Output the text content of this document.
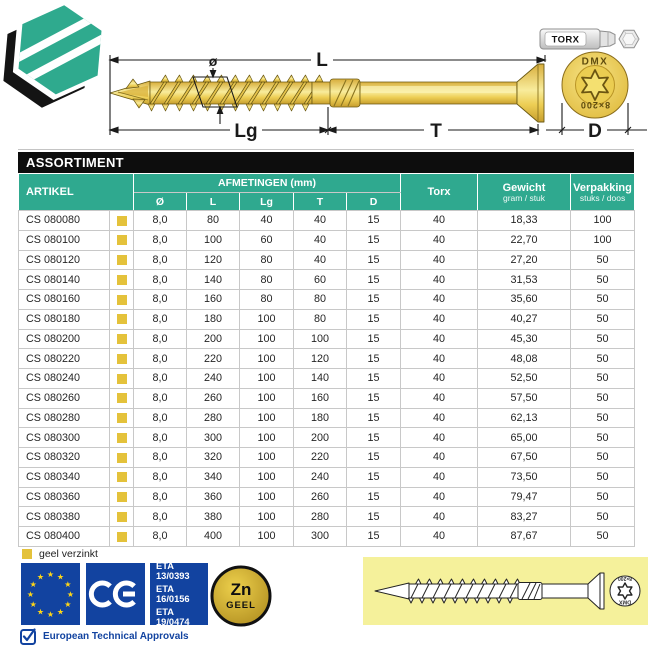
L
Lg	T
ø
D
DMX
8×200
TORX
ASSORTIMENT
ARTIKEL		AFMETINGEN (mm)					Torx	Gewicht
gram / stuk	Verpakking
stuks / doos

		Ø	L	Lg	T	D			
CS 080080		8,0	80	40	40	15	40	18,33	100
CS 080100		8,0	100	60	40	15	40	22,70	100
CS 080120		8,0	120	80	40	15	40	27,20	50
CS 080140		8,0	140	80	60	15	40	31,53	50
CS 080160		8,0	160	80	80	15	40	35,60	50
CS 080180		8,0	180	100	80	15	40	40,27	50
CS 080200		8,0	200	100	100	15	40	45,30	50
CS 080220		8,0	220	100	120	15	40	48,08	50
CS 080240		8,0	240	100	140	15	40	52,50	50
CS 080260		8,0	260	100	160	15	40	57,50	50
CS 080280		8,0	280	100	180	15	40	62,13	50
CS 080300		8,0	300	100	200	15	40	65,00	50
CS 080320		8,0	320	100	220	15	40	67,50	50
CS 080340		8,0	340	100	240	15	40	73,50	50
CS 080360		8,0	360	100	260	15	40	79,47	50
CS 080380		8,0	380	100	280	15	40	83,27	50
CS 080400		8,0	400	100	300	15	40	87,67	50
geel verzinkt
★ ★
★
★
★
★
★
★
★
★
★
★
ETA 13/0393
ETA 16/0156
ETA 19/0474
Zn
GEEL
European Technical Approvals
DMX
8×200
